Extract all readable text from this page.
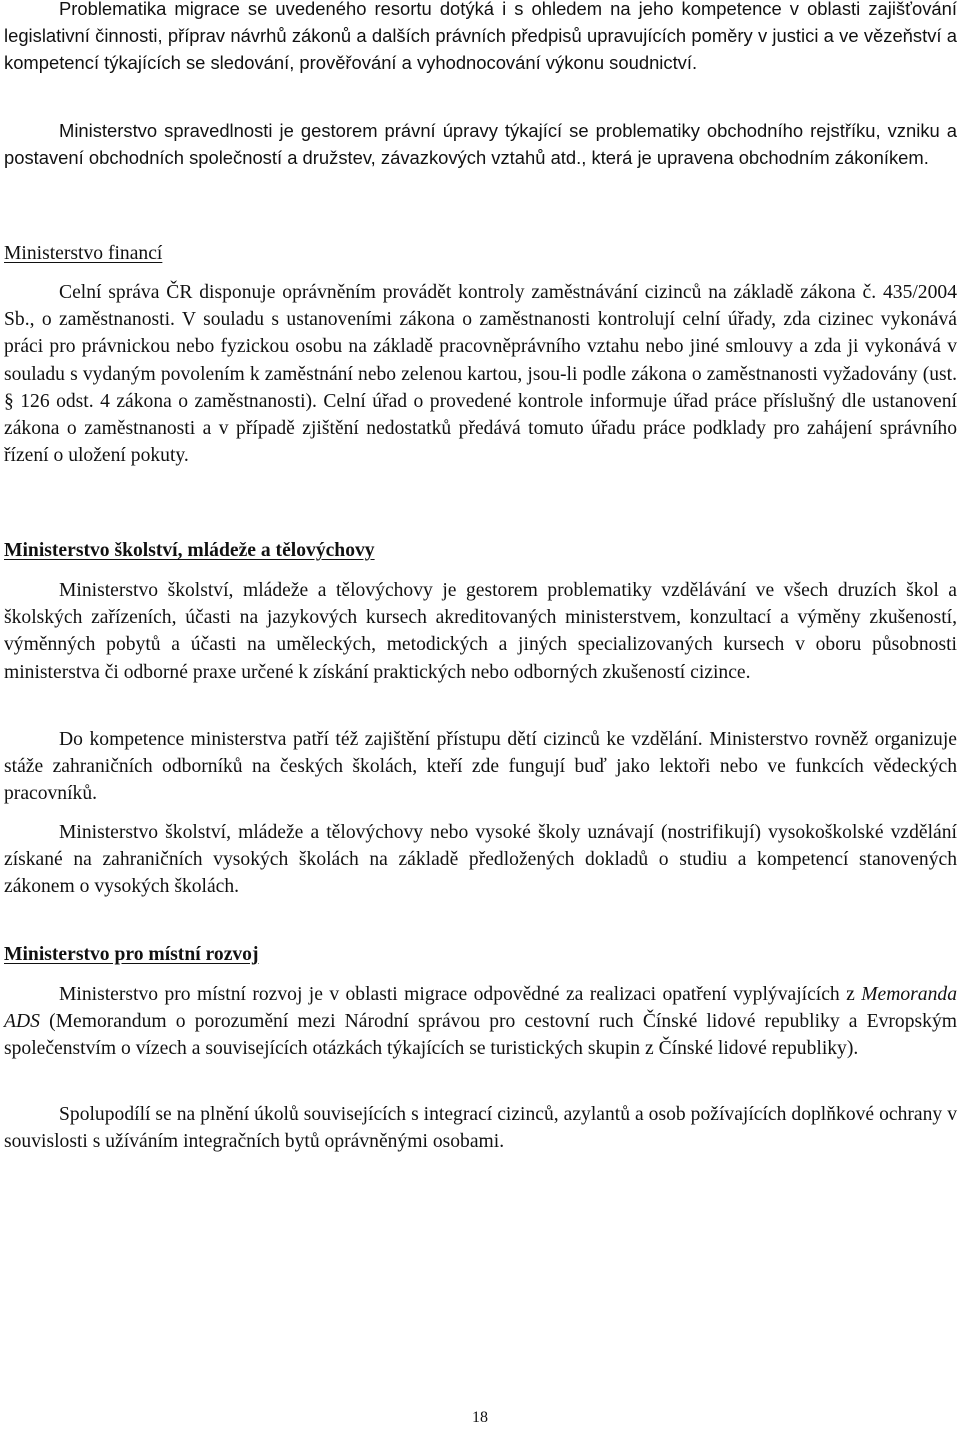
Problematika migrace se uvedeného resortu dotýká i s ohledem na jeho kompetence v oblasti zajišťování legislativní činnosti, příprav návrhů zákonů a dalších právních předpisů upravujících poměry v justici a ve vězeňství a kompetencí týkajících se sledování, prověřování a vyhodnocování výkonu soudnictví.

Ministerstvo spravedlnosti je gestorem právní úpravy týkající se problematiky obchodního rejstříku, vzniku a postavení obchodních společností a družstev, závazkových vztahů atd., která je upravena obchodním zákoníkem.

Ministerstvo financí

Celní správa ČR disponuje oprávněním provádět kontroly zaměstnávání cizinců na základě zákona č. 435/2004 Sb., o zaměstnanosti. V souladu s ustanoveními zákona o zaměstnanosti kontrolují celní úřady, zda cizinec vykonává práci pro právnickou nebo fyzickou osobu na základě pracovněprávního vztahu nebo jiné smlouvy a zda ji vykonává v souladu s vydaným povolením k zaměstnání nebo zelenou kartou, jsou-li podle zákona o zaměstnanosti vyžadovány (ust. § 126 odst. 4 zákona o zaměstnanosti). Celní úřad o provedené kontrole informuje úřad práce příslušný dle ustanovení zákona o zaměstnanosti a v případě zjištění nedostatků předává tomuto úřadu práce podklady pro zahájení správního řízení o uložení pokuty.

Ministerstvo školství, mládeže a tělovýchovy

Ministerstvo školství, mládeže a tělovýchovy je gestorem problematiky vzdělávání ve všech druzích škol a školských zařízeních, účasti na jazykových kursech akreditovaných ministerstvem, konzultací a výměny zkušeností, výměnných pobytů a účasti na uměleckých, metodických a jiných specializovaných kursech v oboru působnosti ministerstva či odborné praxe určené k získání praktických nebo odborných zkušeností cizince.

Do kompetence ministerstva patří též zajištění přístupu dětí cizinců ke vzdělání. Ministerstvo rovněž organizuje stáže zahraničních odborníků na českých školách, kteří zde fungují buď jako lektoři nebo ve funkcích vědeckých pracovníků.

Ministerstvo školství, mládeže a tělovýchovy nebo vysoké školy uznávají (nostrifikují) vysokoškolské vzdělání získané na zahraničních vysokých školách na základě předložených dokladů o studiu a kompetencí stanovených zákonem o vysokých školách.

Ministerstvo pro místní rozvoj

Ministerstvo pro místní rozvoj je v oblasti migrace odpovědné za realizaci opatření vyplývajících z Memoranda ADS (Memorandum o porozumění mezi Národní správou pro cestovní ruch Čínské lidové republiky a Evropským společenstvím o vízech a souvisejících otázkách týkajících se turistických skupin z Čínské lidové republiky).

Spolupodílí se na plnění úkolů souvisejících s integrací cizinců, azylantů a osob požívajících doplňkové ochrany v souvislosti s užíváním integračních bytů oprávněnými osobami.

18
